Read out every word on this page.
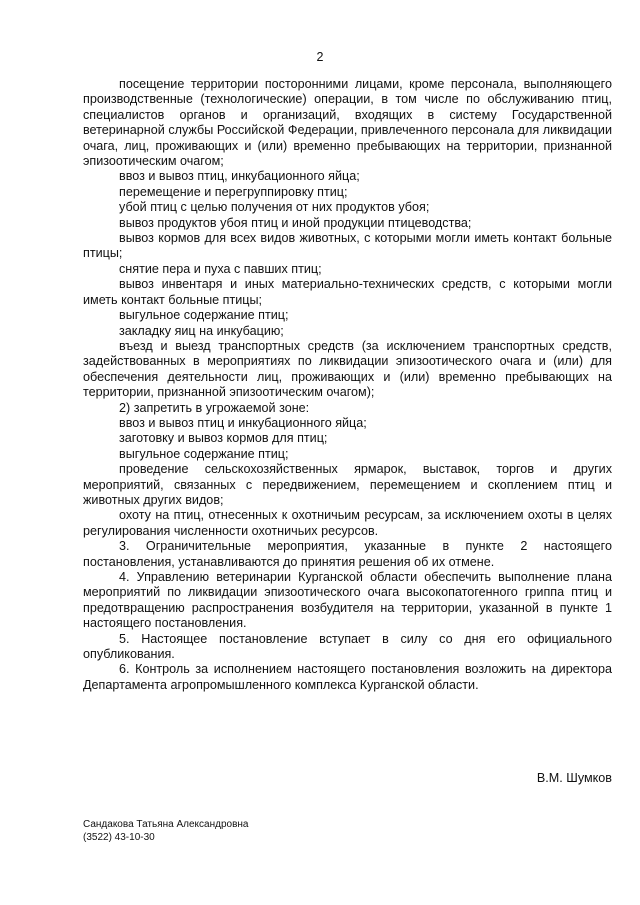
2

посещение территории посторонними лицами, кроме персонала, выполняющего производственные (технологические) операции, в том числе по обслуживанию птиц, специалистов органов и организаций, входящих в систему Государственной ветеринарной службы Российской Федерации, привлеченного персонала для ликвидации очага, лиц, проживающих и (или) временно пребывающих на территории, признанной эпизоотическим очагом;

ввоз и вывоз птиц, инкубационного яйца;

перемещение и перегруппировку птиц;

убой птиц с целью получения от них продуктов убоя;

вывоз продуктов убоя птиц и иной продукции птицеводства;

вывоз кормов для всех видов животных, с которыми могли иметь контакт больные птицы;

снятие пера и пуха с павших птиц;

вывоз инвентаря и иных материально-технических средств, с которыми могли иметь контакт больные птицы;

выгульное содержание птиц;

закладку яиц на инкубацию;

въезд и выезд транспортных средств (за исключением транспортных средств, задействованных в мероприятиях по ликвидации эпизоотического очага и (или) для обеспечения деятельности лиц, проживающих и (или) временно пребывающих на территории, признанной эпизоотическим очагом);

2) запретить в угрожаемой зоне:

ввоз и вывоз птиц и инкубационного яйца;

заготовку и вывоз кормов для птиц;

выгульное содержание птиц;

проведение сельскохозяйственных ярмарок, выставок, торгов и других мероприятий, связанных с передвижением, перемещением и скоплением птиц и животных других видов;

охоту на птиц, отнесенных к охотничьим ресурсам, за исключением охоты в целях регулирования численности охотничьих ресурсов.

3. Ограничительные мероприятия, указанные в пункте 2 настоящего постановления, устанавливаются до принятия решения об их отмене.

4. Управлению ветеринарии Курганской области обеспечить выполнение плана мероприятий по ликвидации эпизоотического очага высокопатогенного гриппа птиц и предотвращению распространения возбудителя на территории, указанной в пункте 1 настоящего постановления.

5. Настоящее постановление вступает в силу со дня его официального опубликования.

6. Контроль за исполнением настоящего постановления возложить на директора Департамента агропромышленного комплекса Курганской области.

В.М. Шумков
Сандакова Татьяна Александровна
(3522) 43-10-30
